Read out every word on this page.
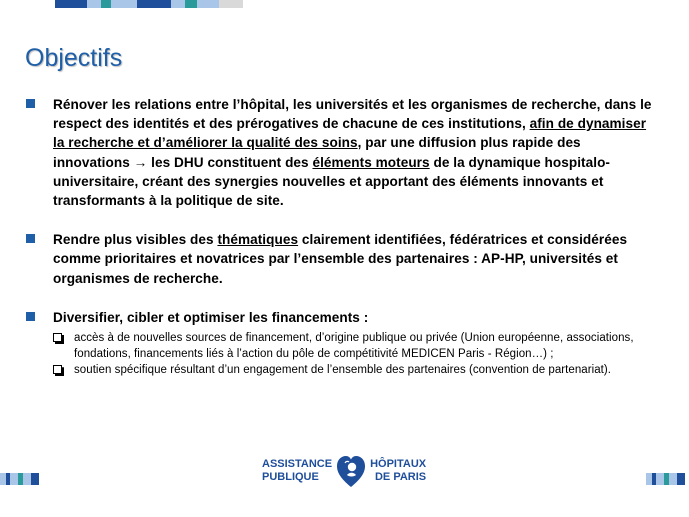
Objectifs
Rénover les relations entre l’hôpital, les universités et les organismes de recherche, dans le respect des identités et des prérogatives de chacune de ces institutions, afin de dynamiser la recherche et d’améliorer la qualité des soins, par une diffusion plus rapide des innovations → les DHU constituent des éléments moteurs de la dynamique hospitalo-universitaire, créant des synergies nouvelles et apportant des éléments innovants et transformants à la politique de site.
Rendre plus visibles des thématiques clairement identifiées, fédératrices et considérées comme prioritaires et novatrices par l’ensemble des partenaires : AP-HP, universités et organismes de recherche.
Diversifier, cibler et optimiser les financements :
accès à de nouvelles sources de financement, d’origine publique ou privée (Union européenne, associations, fondations, financements liés à l’action du pôle de compétitivité MEDICEN Paris - Région…) ;
soutien spécifique résultant d’un engagement de l’ensemble des partenaires (convention de partenariat).
ASSISTANCE
PUBLIQUE
HÔPITAUX
DE PARIS
